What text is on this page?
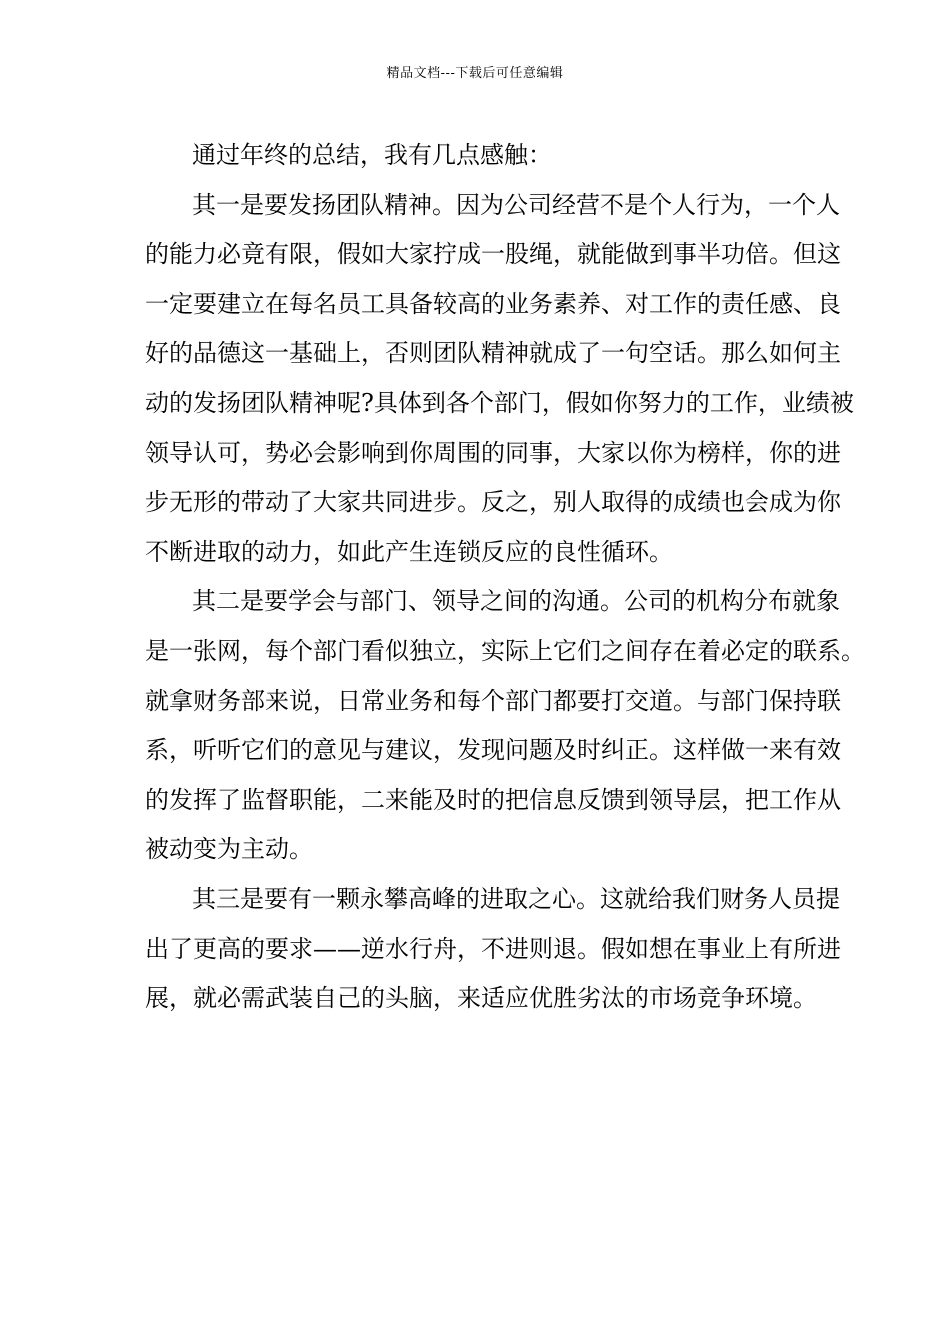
精品文档---下载后可任意编辑
通过年终的总结，我有几点感触：
其一是要发扬团队精神。因为公司经营不是个人行为，一个人
的能力必竟有限，假如大家拧成一股绳，就能做到事半功倍。但这
一定要建立在每名员工具备较高的业务素养、对工作的责任感、良
好的品德这一基础上，否则团队精神就成了一句空话。那么如何主
动的发扬团队精神呢?具体到各个部门，假如你努力的工作，业绩被
领导认可，势必会影响到你周围的同事，大家以你为榜样，你的进
步无形的带动了大家共同进步。反之，别人取得的成绩也会成为你
不断进取的动力，如此产生连锁反应的良性循环。
其二是要学会与部门、领导之间的沟通。公司的机构分布就象
是一张网，每个部门看似独立，实际上它们之间存在着必定的联系。
就拿财务部来说，日常业务和每个部门都要打交道。与部门保持联
系，听听它们的意见与建议，发现问题及时纠正。这样做一来有效
的发挥了监督职能，二来能及时的把信息反馈到领导层，把工作从
被动变为主动。
其三是要有一颗永攀高峰的进取之心。这就给我们财务人员提
出了更高的要求——逆水行舟，不进则退。假如想在事业上有所进
展，就必需武装自己的头脑，来适应优胜劣汰的市场竞争环境。
